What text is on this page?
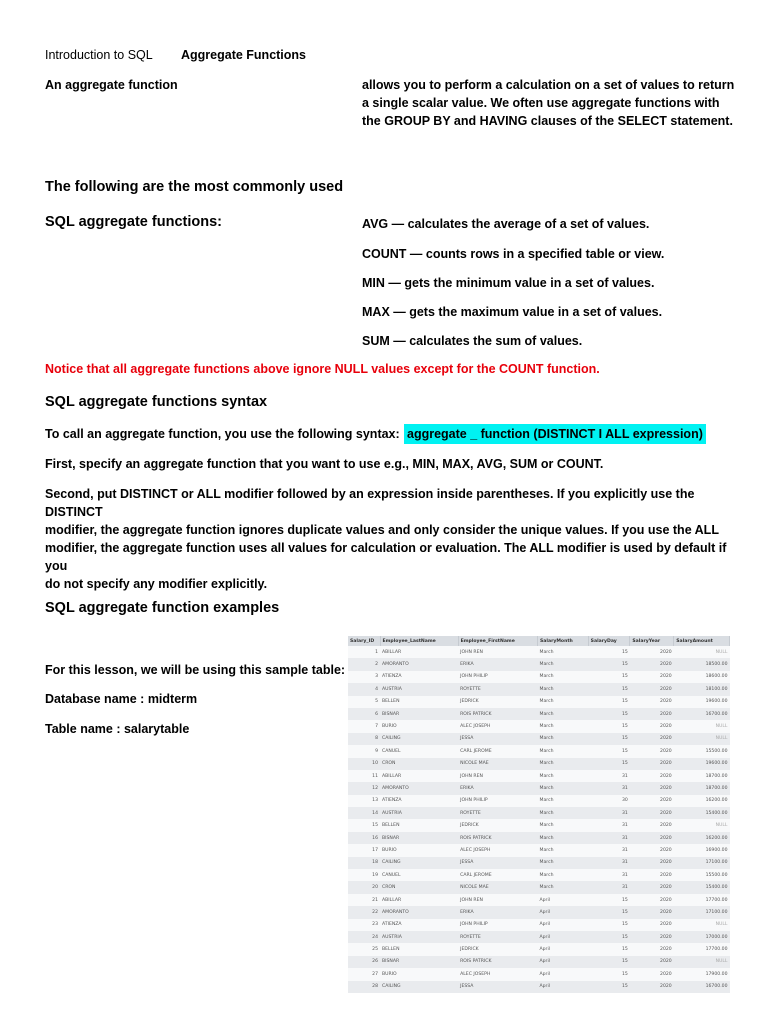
Introduction to SQL Aggregate Functions
An aggregate function	allows you to perform a calculation on a set of values to return
a single scalar value. We often use aggregate functions with
the GROUP BY and HAVING clauses of the SELECT statement.
The following are the most commonly used
SQL aggregate functions:	AVG — calculates the average of a set of values.
COUNT — counts rows in a specified table or view.
MIN — gets the minimum value in a set of values.
MAX — gets the maximum value in a set of values.
SUM — calculates the sum of values.
Notice that all aggregate functions above ignore NULL values except for the COUNT function.
SQL aggregate functions syntax
To call an aggregate function, you use the following syntax: aggregate _ function (DISTINCT I ALL expression)
First, specify an aggregate function that you want to use e.g., MIN, MAX, AVG, SUM or COUNT.
Second, put DISTINCT or ALL modifier followed by an expression inside parentheses. If you explicitly use the DISTINCT
modifier, the aggregate function ignores duplicate values and only consider the unique values. If you use the ALL
modifier, the aggregate function uses all values for calculation or evaluation. The ALL modifier is used by default if you
do not specify any modifier explicitly.
SQL aggregate function examples
For this lesson, we will be using this sample table:
Database name : midterm
Table name : salarytable
Salary_ID	Employee_LastName	Employee_FirstName	SalaryMonth	SalaryDay	SalaryYear	SalaryAmount
1	ABILLAR	JOHN REN	March	15	2020	NULL
2	AMORANTO	ERIKA	March	15	2020	18500.00
3	ATIENZA	JOHN PHILIP	March	15	2020	18600.00
4	AUSTRIA	ROYETTE	March	15	2020	18100.00
5	BELLEN	JEDRICK	March	15	2020	19600.00
6	BISNAR	ROIS PATRICK	March	15	2020	16700.00
7	BURIO	ALEC JOSEPH	March	15	2020	NULL
8	CAILING	JESSA	March	15	2020	NULL
9	CANUEL	CARL JEROME	March	15	2020	15500.00
10	CRON	NICOLE MAE	March	15	2020	19600.00
11	ABILLAR	JOHN REN	March	31	2020	18700.00
12	AMORANTO	ERIKA	March	31	2020	18700.00
13	ATIENZA	JOHN PHILIP	March	30	2020	16200.00
14	AUSTRIA	ROYETTE	March	31	2020	15400.00
15	BELLEN	JEDRICK	March	31	2020	NULL
16	BISNAR	ROIS PATRICK	March	31	2020	16200.00
17	BURIO	ALEC JOSEPH	March	31	2020	16900.00
18	CAILING	JESSA	March	31	2020	17100.00
19	CANUEL	CARL JEROME	March	31	2020	15500.00
20	CRON	NICOLE MAE	March	31	2020	15400.00
21	ABILLAR	JOHN REN	April	15	2020	17700.00
22	AMORANTO	ERIKA	April	15	2020	17100.00
23	ATIENZA	JOHN PHILIP	April	15	2020	NULL
24	AUSTRIA	ROYETTE	April	15	2020	17000.00
25	BELLEN	JEDRICK	April	15	2020	17700.00
26	BISNAR	ROIS PATRICK	April	15	2020	NULL
27	BURIO	ALEC JOSEPH	April	15	2020	17900.00
28	CAILING	JESSA	April	15	2020	16700.00
